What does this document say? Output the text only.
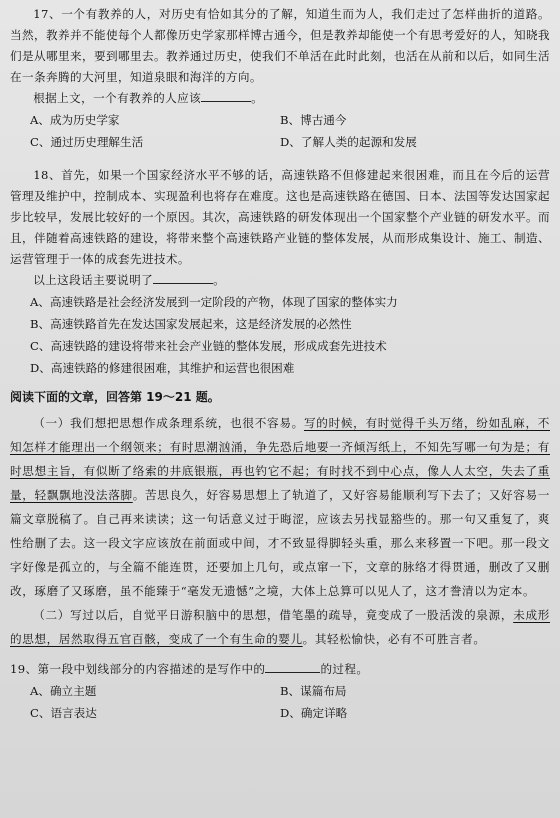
17、一个有教养的人，对历史有恰如其分的了解，知道生而为人，我们走过了怎样曲折的道路。当然，教养并不能使每个人都像历史学家那样博古通今，但是教养却能使一个有思考爱好的人，知晓我们是从哪里来，要到哪里去。教养通过历史，使我们不单活在此时此刻，也活在从前和以后，如同生活在一条奔腾的大河里，知道泉眼和海洋的方向。

根据上文，一个有教养的人应该	。

A、成为历史学家	B、博古通今
C、通过历史理解生活	D、了解人类的起源和发展

18、首先，如果一个国家经济水平不够的话，高速铁路不但修建起来很困难，而且在今后的运营管理及维护中，控制成本、实现盈利也将存在难度。这也是高速铁路在德国、日本、法国等发达国家起步比较早，发展比较好的一个原因。其次，高速铁路的研发体现出一个国家整个产业链的研发水平。而且，伴随着高速铁路的建设，将带来整个高速铁路产业链的整体发展，从而形成集设计、施工、制造、运营管理于一体的成套先进技术。

以上这段话主要说明了	。

A、高速铁路是社会经济发展到一定阶段的产物，体现了国家的整体实力
B、高速铁路首先在发达国家发展起来，这是经济发展的必然性
C、高速铁路的建设将带来社会产业链的整体发展，形成成套先进技术
D、高速铁路的修建很困难，其维护和运营也很困难
阅读下面的文章，回答第 19～21 题。

（一）我们想把思想作成条理系统，也很不容易。写的时候，有时觉得千头万绪，纷如乱麻，不知怎样才能理出一个纲领来；有时思潮汹涌，争先恐后地要一齐倾泻纸上，不知先写哪一句为是；有时思想主旨，有似断了络索的井底银瓶，再也钓它不起；有时找不到中心点，像人人太空，失去了重量，轻飘飘地没法落脚。苦思良久，好容易思想上了轨道了，又好容易能顺利写下去了；又好容易一篇文章脱稿了。自己再来读读；这一句话意义过于晦涩，应该去另找显豁些的。那一句又重复了，爽性给删了去。这一段文字应该放在前面或中间，才不致显得脚轻头重，那么来移置一下吧。那一段文字好像是孤立的，与全篇不能连贯，还要加上几句，或点窜一下，文章的脉络才得贯通，删改了又删改，琢磨了又琢磨，虽不能臻于“毫发无遗憾”之境，大体上总算可以见人了，这才誊清以为定本。

（二）写过以后，自觉平日游积脑中的思想，借笔墨的疏导，竟变成了一股活泼的泉源，未成形的思想，居然取得五官百骸，变成了一个有生命的婴儿。其轻松愉快，必有不可胜言者。

19、第一段中划线部分的内容描述的是写作中的	的过程。

A、确立主题	B、谋篇布局
C、语言表达	D、确定详略
